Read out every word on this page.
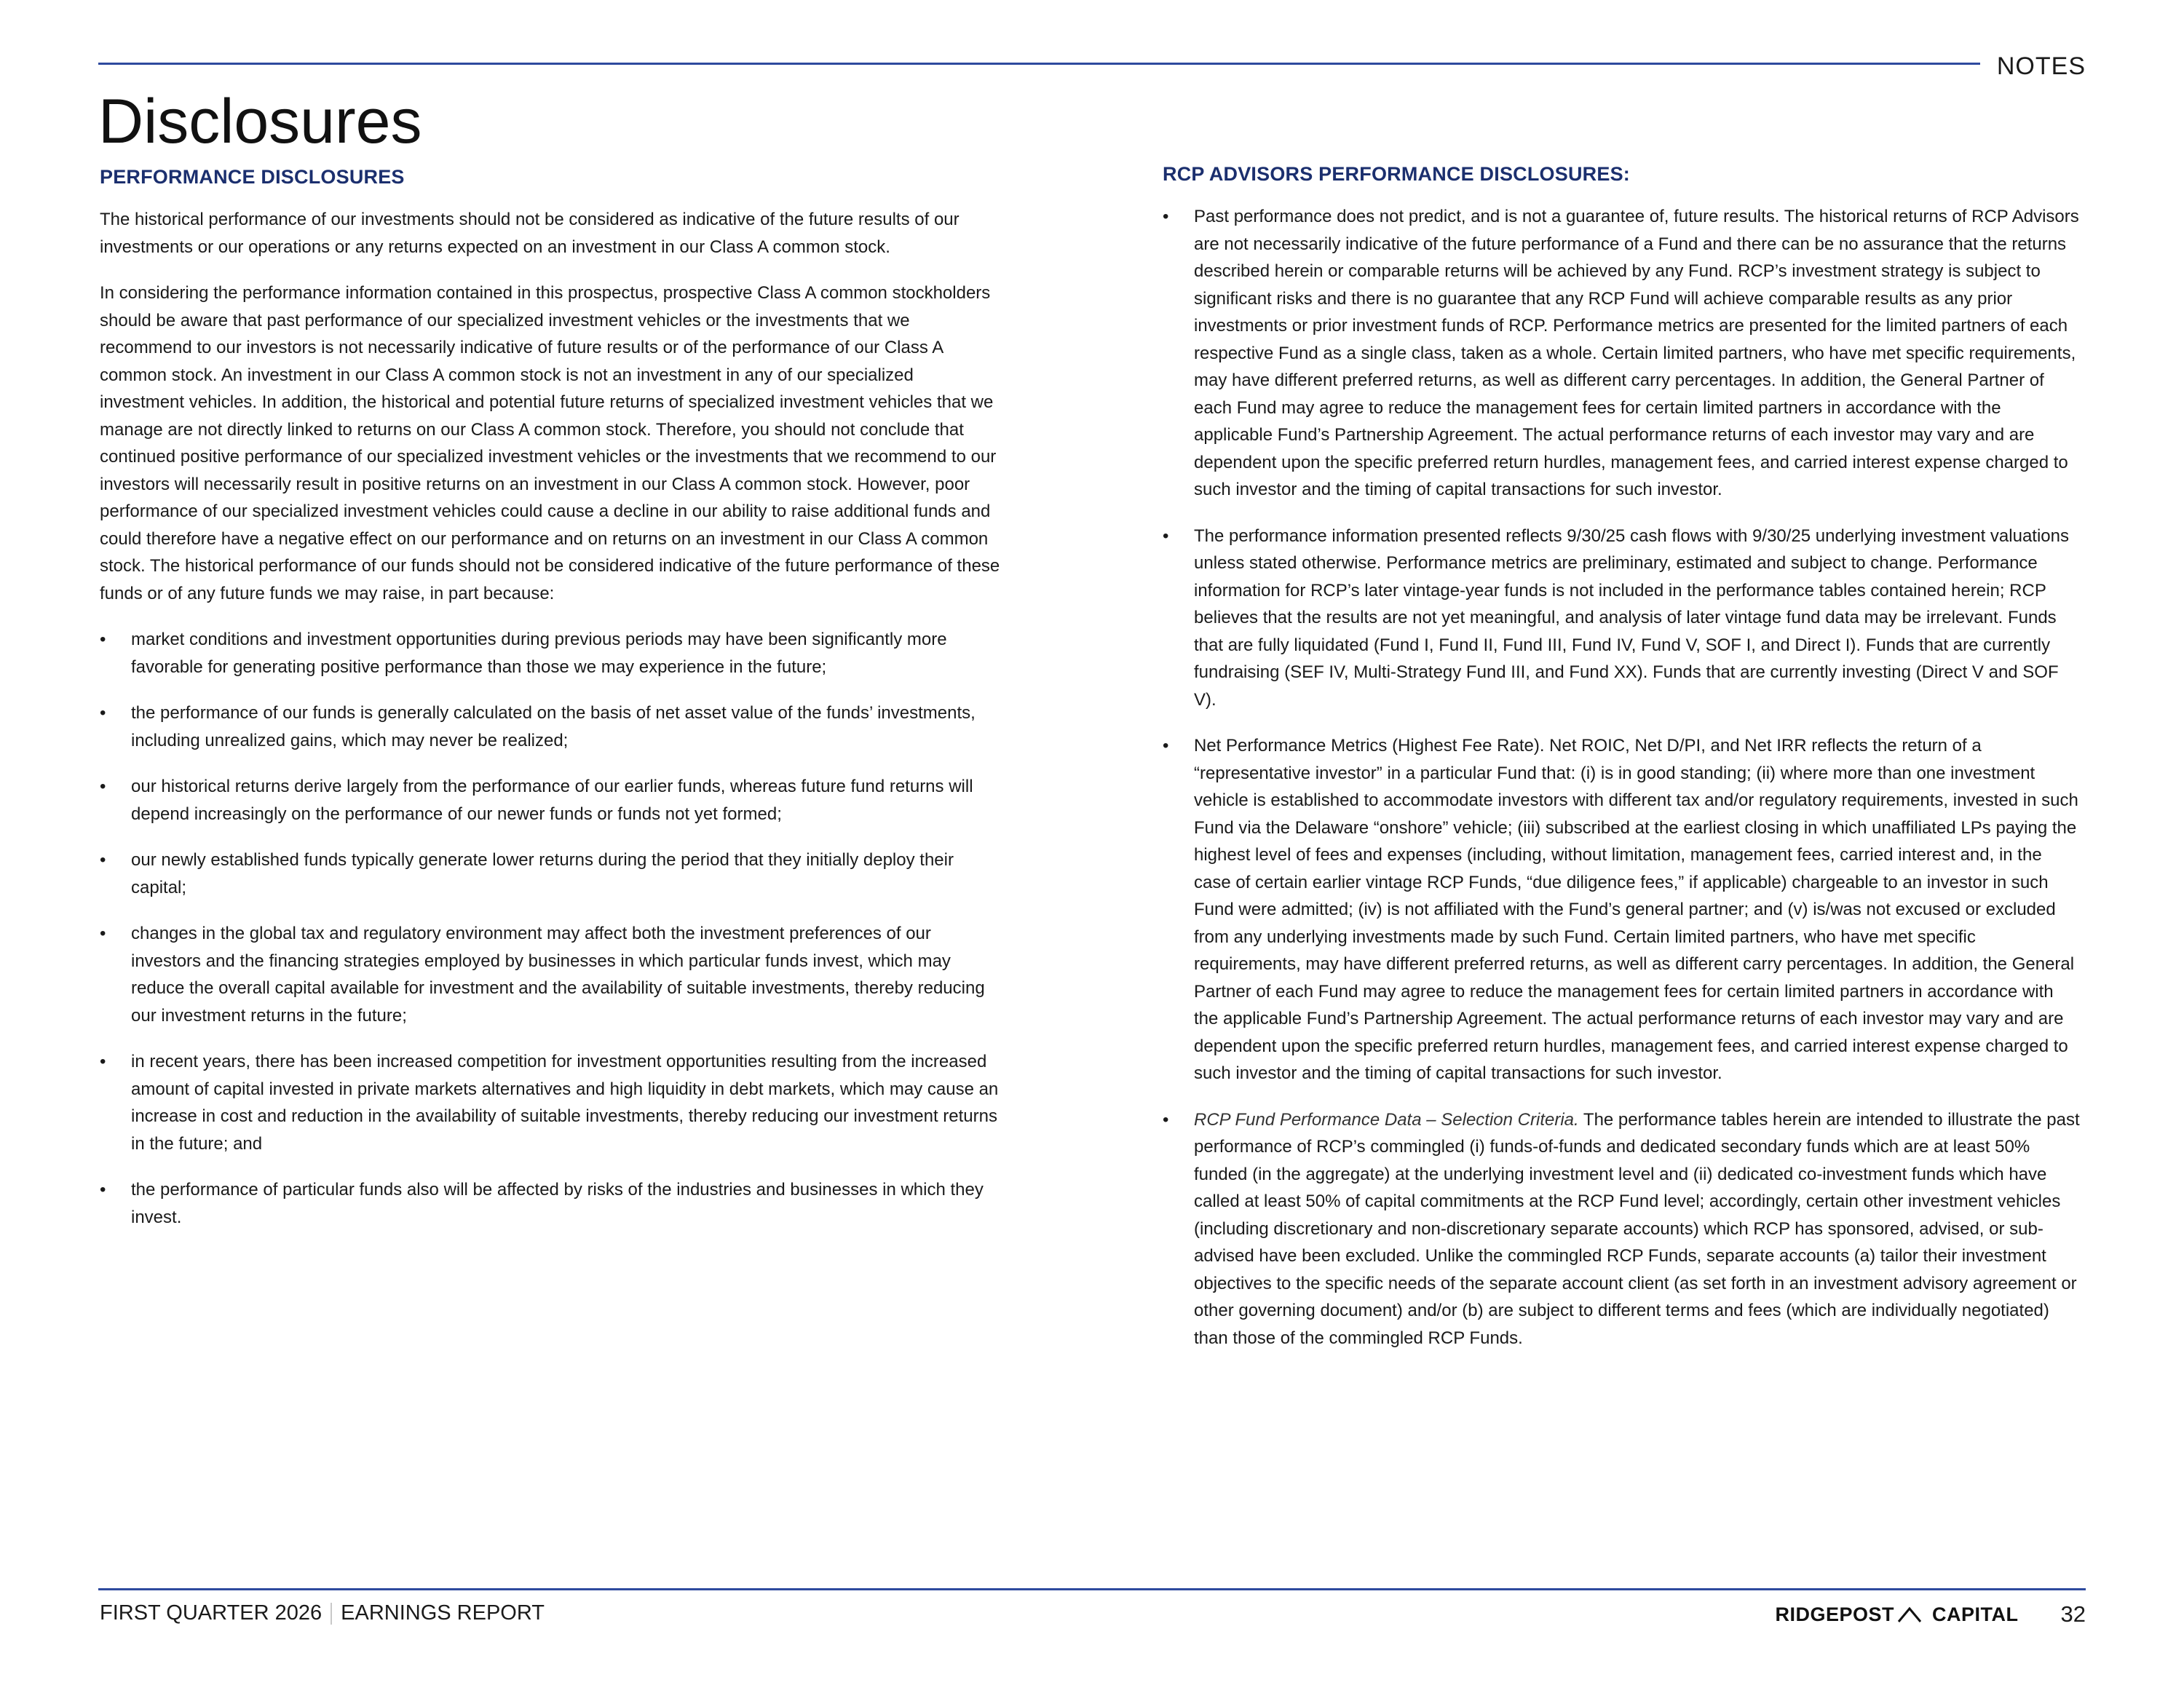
NOTES
Disclosures
PERFORMANCE DISCLOSURES

The historical performance of our investments should not be considered as indicative of the future results of our investments or our operations or any returns expected on an investment in our Class A common stock.

In considering the performance information contained in this prospectus, prospective Class A common stockholders should be aware that past performance of our specialized investment vehicles or the investments that we recommend to our investors is not necessarily indicative of future results or of the performance of our Class A common stock. An investment in our Class A common stock is not an investment in any of our specialized investment vehicles. In addition, the historical and potential future returns of specialized investment vehicles that we manage are not directly linked to returns on our Class A common stock. Therefore, you should not conclude that continued positive performance of our specialized investment vehicles or the investments that we recommend to our investors will necessarily result in positive returns on an investment in our Class A common stock. However, poor performance of our specialized investment vehicles could cause a decline in our ability to raise additional funds and could therefore have a negative effect on our performance and on returns on an investment in our Class A common stock. The historical performance of our funds should not be considered indicative of the future performance of these funds or of any future funds we may raise, in part because:

• market conditions and investment opportunities during previous periods may have been significantly more favorable for generating positive performance than those we may experience in the future;
• the performance of our funds is generally calculated on the basis of net asset value of the funds’ investments, including unrealized gains, which may never be realized;
• our historical returns derive largely from the performance of our earlier funds, whereas future fund returns will depend increasingly on the performance of our newer funds or funds not yet formed;
• our newly established funds typically generate lower returns during the period that they initially deploy their capital;
• changes in the global tax and regulatory environment may affect both the investment preferences of our investors and the financing strategies employed by businesses in which particular funds invest, which may reduce the overall capital available for investment and the availability of suitable investments, thereby reducing our investment returns in the future;
• in recent years, there has been increased competition for investment opportunities resulting from the increased amount of capital invested in private markets alternatives and high liquidity in debt markets, which may cause an increase in cost and reduction in the availability of suitable investments, thereby reducing our investment returns in the future; and
• the performance of particular funds also will be affected by risks of the industries and businesses in which they invest.
RCP ADVISORS PERFORMANCE DISCLOSURES:
• Past performance does not predict, and is not a guarantee of, future results. The historical returns of RCP Advisors are not necessarily indicative of the future performance of a Fund and there can be no assurance that the returns described herein or comparable returns will be achieved by any Fund. RCP’s investment strategy is subject to significant risks and there is no guarantee that any RCP Fund will achieve comparable results as any prior investments or prior investment funds of RCP. Performance metrics are presented for the limited partners of each respective Fund as a single class, taken as a whole. Certain limited partners, who have met specific requirements, may have different preferred returns, as well as different carry percentages. In addition, the General Partner of each Fund may agree to reduce the management fees for certain limited partners in accordance with the applicable Fund’s Partnership Agreement. The actual performance returns of each investor may vary and are dependent upon the specific preferred return hurdles, management fees, and carried interest expense charged to such investor and the timing of capital transactions for such investor.
• The performance information presented reflects 9/30/25 cash flows with 9/30/25 underlying investment valuations unless stated otherwise. Performance metrics are preliminary, estimated and subject to change. Performance information for RCP’s later vintage-year funds is not included in the performance tables contained herein; RCP believes that the results are not yet meaningful, and analysis of later vintage fund data may be irrelevant. Funds that are fully liquidated (Fund I, Fund II, Fund III, Fund IV, Fund V, SOF I, and Direct I). Funds that are currently fundraising (SEF IV, Multi-Strategy Fund III, and Fund XX). Funds that are currently investing (Direct V and SOF V).
• Net Performance Metrics (Highest Fee Rate). Net ROIC, Net D/PI, and Net IRR reflects the return of a “representative investor” in a particular Fund that: (i) is in good standing; (ii) where more than one investment vehicle is established to accommodate investors with different tax and/or regulatory requirements, invested in such Fund via the Delaware “onshore” vehicle; (iii) subscribed at the earliest closing in which unaffiliated LPs paying the highest level of fees and expenses (including, without limitation, management fees, carried interest and, in the case of certain earlier vintage RCP Funds, “due diligence fees,” if applicable) chargeable to an investor in such Fund were admitted; (iv) is not affiliated with the Fund’s general partner; and (v) is/was not excused or excluded from any underlying investments made by such Fund. Certain limited partners, who have met specific requirements, may have different preferred returns, as well as different carry percentages. In addition, the General Partner of each Fund may agree to reduce the management fees for certain limited partners in accordance with the applicable Fund’s Partnership Agreement. The actual performance returns of each investor may vary and are dependent upon the specific preferred return hurdles, management fees, and carried interest expense charged to such investor and the timing of capital transactions for such investor.
• RCP Fund Performance Data – Selection Criteria. The performance tables herein are intended to illustrate the past performance of RCP’s commingled (i) funds-of-funds and dedicated secondary funds which are at least 50% funded (in the aggregate) at the underlying investment level and (ii) dedicated co-investment funds which have called at least 50% of capital commitments at the RCP Fund level; accordingly, certain other investment vehicles (including discretionary and non-discretionary separate accounts) which RCP has sponsored, advised, or sub-advised have been excluded. Unlike the commingled RCP Funds, separate accounts (a) tailor their investment objectives to the specific needs of the separate account client (as set forth in an investment advisory agreement or other governing document) and/or (b) are subject to different terms and fees (which are individually negotiated) than those of the commingled RCP Funds.
FIRST QUARTER 2026 EARNINGS REPORT	RIDGEPOST CAPITAL 32
